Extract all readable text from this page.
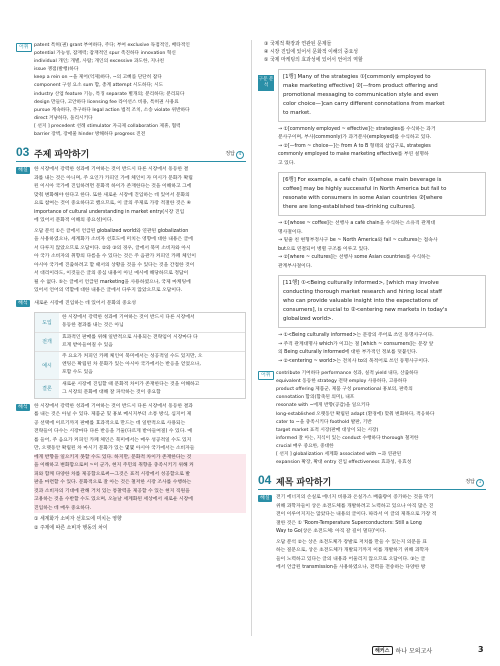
어휘	patent 특허(권) grant 부여하다, 주다; 부여 exclusive 독점적인, 배타적인
potential 가능성, 잠재력; 잠재적인 spur 촉진하다 innovation 혁신
individual 개인; 개별, 사람; 개인의 excessive 과도한, 지나친
issue 쟁점(발행)하다
keep a rein on ~을 제어(억제)하다, ~의 고삐를 단단히 잡다
component 구성 요소 sum 합, 총계 attempt 시도하다; 시도
industry 산업 feature 기능, 특징 separate 별개의; 분리하다; 분리되다
design 만들다, 고안하다 licensing fee 라이선스 비용, 특허권 사용료
pursue 계속하다, 추구하다 legal action 법적 조치, 소송 violate 위반하다
direct 겨냥하다, 돌리시키다
[ 선지 ] precedent 선례 stimulator 자극제 collaboration 제휴, 협력
barrier 장벽, 장애물 hinder 방해하다 progress 진전
03 주제 파악하기	정답 4
해설	한 시장에서 강력한 성과에 기여하는 것이 반드시 다른 시장에서 동등한 결
과를 내는 것은 아니며, 주 요인가 카피인 가에 체인이 자 미시가 문화가 확립
된 이시아 국가에 진입하려면 문화적 하이가 존재한다는 것을 이해하고 그에
맞춰 변화해야 한다고 한다. 또한 새로운 시장에 진입하는 데 있어서 문화의
요로 참여는 것이 중요하다고 했으므로, 이 글의 주제로 가장 적절한 것은 ④
importance of cultural understanding in market entry(시장 진입
에 있어서 문화적 이해의 중요성)이다.
오답 분석 ①은 글에서 언급된 globalized world와 연관된 globalization
을 사용하였으나, 세계화가 소비자 선호도에 미치는 영향에 대한 내용은 글에
서 다루지 않았으므로 오답이다. ②와 ③의 경우, 글에서 북미 소비자와 아시
아 국가 소비자의 취향의 다름을 수 있다는 것은 주 음관가 커피인 카페 체인이
아시아 국가에 진출하려고 할 때서의 상황을 것을 수 있다는 것을 간접한 것이
서 대리이라도, 이것들은 글의 중심 내용이 아닌 예시에 해당하므로 정답이
될 수 없다. ⑤는 글에서 언급된 marketing을 사용하였으나, 국제 마케팅에
있어서 언어의 역할에 대한 내용은 글에서 다루지 않았으므로 오답이다.
해석 새로운 시장에 진입하는 데 있어서 문화의 중요성
도입
한 시장에서 강력한 성과에 기여하는 것이 반드시 다른 시장에서
동등한 결과를 내는 것은 아님
전개
효과적인 판매를 위해 일반적으로 사용되는 전략임이 시장마다 다
르게 받아들여질 수 있음
예시
주 요요가 커피인 카페 체인이 북미에서는 성공적일 수도 있지만, 오
엔팅은 확립된 차 문화가 있는 아시아 국가에서는 반응을 얻었으나,
포함 수도 있음
결론
새로운 시장에 진입할 때 문화적 차이가 존재한다는 것을 이해하고
그 시장의 문화에 대해 잘 파악하는 것이 중요함
해석	한 시장에서 강력한 성과에 기여하는 것이 반드시 다른 시장에서 동등한 결과
를 내는 것은 아닐 수 있다. 제품군 및 홍보 메시지부터 소통 방식, 심지어 제
공 선택에 이르기까지 판매를 효과적으로 만드는 데 일반적으로 사용되는
전략들이 다수는 시장마다 다른 반응을 거둘(다르게 받아들여질) 수 있다. 예
를 들어, 주 음요가 커피인 카페 체인은 북미에서는 매우 성공적일 수도 있지
만, 오랫동안 확립된 차 마시기 문화가 있는 몇몇 아시아 국가에서는 소비자들
에게 반향을 일으키지 못할 수도 있다. 하지만, 문화적 차이가 존재한다는 것
을 이해하고 변화함으로써 ~이 군가, 현지 주민의 취향을 충족시키기 위해 커
피와 함께 다양한 차를 제공함으로써—그것은 표적 시장에서 성공할으로 발
판을 마련할 수 있다. 문화적으로 잘 아는 것은 철저한 시장 조사를 수행하는
것과 소비자의 기대에 관해 거치 있는 통찰력을 제공할 수 있는 현지 직원을
고용하는 것을 수반할 수도 있으며, 오늘날 세계화된 세상에서 새로운 시장에
진입하는 데 매우 중요하다.
① 세계화가 소비자 선호도에 미치는 영향
② 주제에 따른 소비자 행동의 차이
③ 국제적 확장과 연관된 문제들
④ 시장 진입에 있어서 문화적 이해의 중요성
⑤ 국제 마케팅의 효과성에 있어서 언어의 역할
구문 분석
[1행] Many of the strategies ①[commonly employed to
make marketing effective] ②[—from product offering and
promotional messaging to communication style and even
color choice—]can carry different connotations from market
to market.
→ ①[commonly employed ~ effective]는 strategies를 수식하는 과거
분사구이며, 부사(commonly)가 과거분사(employed)를 수식하고 있다.
→ ②[—from ~ choice—]는 from A to B 형태의 삽입구로, strategies
commonly employed to make marketing effective를 부연 설명하
고 있다.
[6행] For example, a café chain ①[whose main beverage is
coffee] may be highly successful in North America but fail to
resonate with consumers in some Asian countries ②[where
there are long-established tea-drinking cultures].
→ ①[whose ~ coffee]는 선행사 a café chain을 수식하는 소유격 관계대
명사절이다.
→ 밑줄 친 현형부정사구 be ~ North America와 fail ~ cultures는 접속사
but으로 연결되어 병렬 구조를 이루고 있다.
→ ②[where ~ cultures]는 선행사 some Asian countries를 수식하는
관계부사절이다.
[11행] ①<Being culturally informed>, [which may involve
conducting thorough market research and hiring local staff
who can provide valuable insight into the expectations of
consumers], is crucial to ②<entering new markets in today's
globalized world>.
→ ①<Being culturally informed>는 문장의 주어로 쓰인 동명사구이다.
→ 주격 관계대명사 which가 이끄는 절 [which ~ consumers]는 문장 앞
의 Being culturally informed에 대한 부가적인 정보를 덧붙인다.
→ ②<entering ~ world>는 전치사 to의 목적어로 쓰인 동명사구이다.
어휘	contribute 기여하다 performance 성과, 실적 yield 내다, 산출하다
equivalent 동등한 strategy 전략 employ 사용하다, 고용하다
product offering 제품군, 제품 구성 promotional 홍보의, 판촉의
connotation 함의(함축된 의미), 내포
resonate with ~에게 반향(공감)을 일으키다
long-established 오랫동안 확립된 adapt (환경에) 맞춰 변화하다, 적응하다
cater to ~을 충족시키다 foothold 발판, 기반
target market 표적 시장(판매 대상이 되는 시장)
informed 잘 아는, 지식이 있는 conduct 수행하다 thorough 철저한
crucial 매우 중요한, 중대한
[ 선지 ] globalization 세계화 associated with ~과 연관된
expansion 확장, 확대 entry 진입 effectiveness 효과성, 유효성
04 제목 파악하기	정답 1
해설	전기 에너지의 손실로 에너지 비용과 온실가스 배출량이 증가하는 것을 막기
위해 과학자들이 상온 초전도체를 개발하려고 노력하고 있으나 아직 많은 진
전이 이루어지지는 않았다는 내용의 글이다. 따라서 이 글의 제목으로 가장 적
절한 것은 ① 'Room-Temperature Superconductors: Still a Long
Way to Go(상온 초전도체: 아직 갈 길이 멀다)'이다.
오답 분석 ②는 상온 초전도체가 장발로 저치를 만들 수 있는지 의문을 표
하는 질문으로, 상온 초전도체가 개발되기까지 이를 개발하기 위해 과학자
들이 노력하고 있다는 글의 내용과 어울리지 않으므로 오답이다. ③는 글
에서 언급된 transmission을 사용하였으나, 전력을 전송하는 다양한 방
해커스	하나 모의고사	3
